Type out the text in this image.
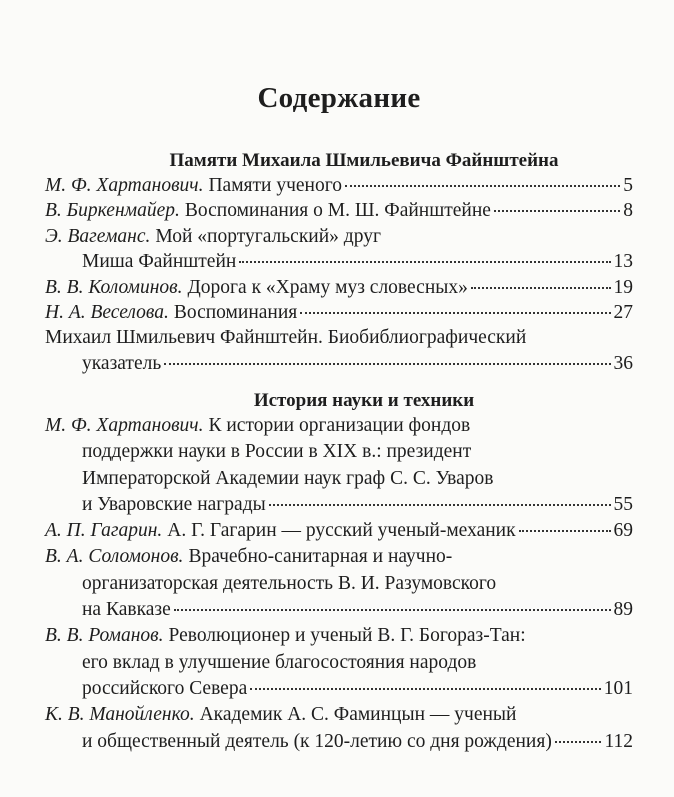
Содержание
Памяти Михаила Шмильевича Файнштейна
М. Ф. Хартанович. Памяти ученого	5
В. Биркенмайер. Воспоминания о М. Ш. Файнштейне	8
Э. Вагеманс. Мой «португальский» друг
Миша Файнштейн	13
В. В. Коломинов. Дорога к «Храму муз словесных»	19
Н. А. Веселова. Воспоминания	27
Михаил Шмильевич Файнштейн. Биобиблиографический
указатель	36
История науки и техники
М. Ф. Хартанович. К истории организации фондов
поддержки науки в России в XIX в.: президент
Императорской Академии наук граф С. С. Уваров
и Уваровские награды	55
А. П. Гагарин. А. Г. Гагарин — русский ученый-механик	69
В. А. Соломонов. Врачебно-санитарная и научно-
организаторская деятельность В. И. Разумовского
на Кавказе	89
В. В. Романов. Революционер и ученый В. Г. Богораз-Тан:
его вклад в улучшение благосостояния народов
российского Севера	101
К. В. Манойленко. Академик А. С. Фаминцын — ученый
и общественный деятель (к 120-летию со дня рождения)	112
